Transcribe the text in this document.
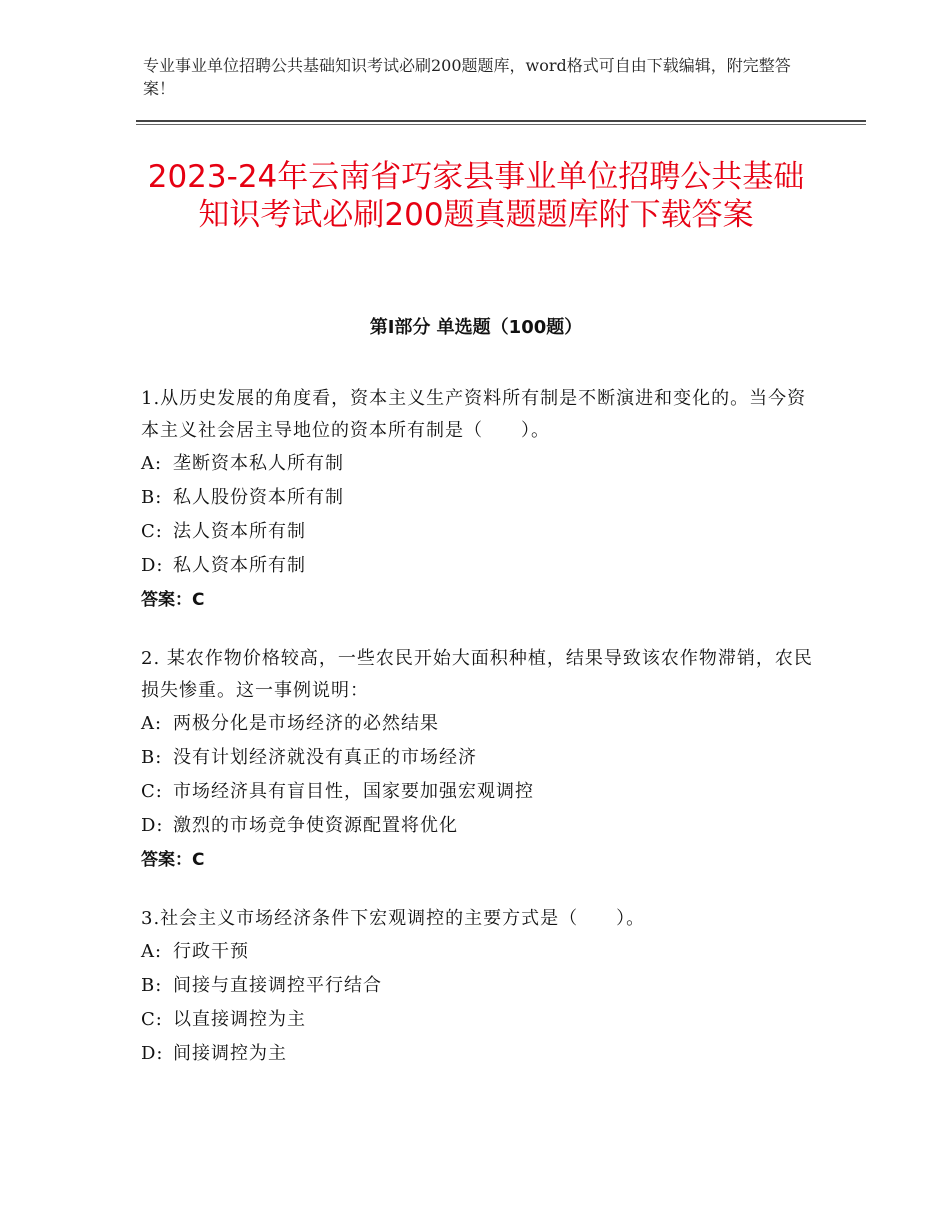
专业事业单位招聘公共基础知识考试必刷200题题库，word格式可自由下载编辑，附完整答案！
2023-24年云南省巧家县事业单位招聘公共基础知识考试必刷200题真题题库附下载答案
第Ⅰ部分 单选题（100题）

1.从历史发展的角度看，资本主义生产资料所有制是不断演进和变化的。当今资本主义社会居主导地位的资本所有制是（　　）。

A: 垄断资本私人所有制

B: 私人股份资本所有制

C: 法人资本所有制

D: 私人资本所有制

答案：C

2. 某农作物价格较高，一些农民开始大面积种植，结果导致该农作物滞销，农民损失惨重。这一事例说明：

A: 两极分化是市场经济的必然结果

B: 没有计划经济就没有真正的市场经济

C: 市场经济具有盲目性，国家要加强宏观调控

D: 激烈的市场竞争使资源配置将优化

答案：C

3.社会主义市场经济条件下宏观调控的主要方式是（　　）。

A: 行政干预

B: 间接与直接调控平行结合

C: 以直接调控为主

D: 间接调控为主
